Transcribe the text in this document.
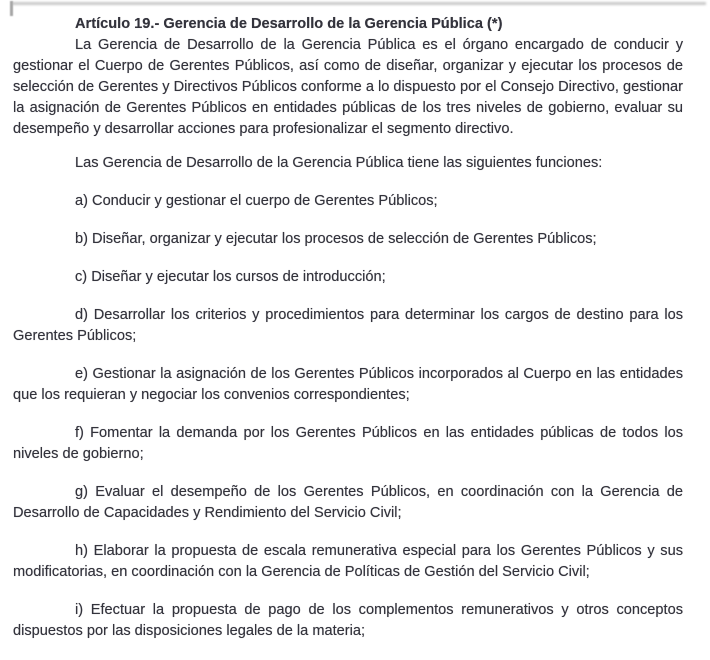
Artículo 19.- Gerencia de Desarrollo de la Gerencia Pública (*)

La Gerencia de Desarrollo de la Gerencia Pública es el órgano encargado de conducir y gestionar el Cuerpo de Gerentes Públicos, así como de diseñar, organizar y ejecutar los procesos de selección de Gerentes y Directivos Públicos conforme a lo dispuesto por el Consejo Directivo, gestionar la asignación de Gerentes Públicos en entidades públicas de los tres niveles de gobierno, evaluar su desempeño y desarrollar acciones para profesionalizar el segmento directivo.

Las Gerencia de Desarrollo de la Gerencia Pública tiene las siguientes funciones:

a) Conducir y gestionar el cuerpo de Gerentes Públicos;

b) Diseñar, organizar y ejecutar los procesos de selección de Gerentes Públicos;

c) Diseñar y ejecutar los cursos de introducción;

d) Desarrollar los criterios y procedimientos para determinar los cargos de destino para los Gerentes Públicos;

e) Gestionar la asignación de los Gerentes Públicos incorporados al Cuerpo en las entidades que los requieran y negociar los convenios correspondientes;

f) Fomentar la demanda por los Gerentes Públicos en las entidades públicas de todos los niveles de gobierno;

g) Evaluar el desempeño de los Gerentes Públicos, en coordinación con la Gerencia de Desarrollo de Capacidades y Rendimiento del Servicio Civil;

h) Elaborar la propuesta de escala remunerativa especial para los Gerentes Públicos y sus modificatorias, en coordinación con la Gerencia de Políticas de Gestión del Servicio Civil;

i) Efectuar la propuesta de pago de los complementos remunerativos y otros conceptos dispuestos por las disposiciones legales de la materia;
